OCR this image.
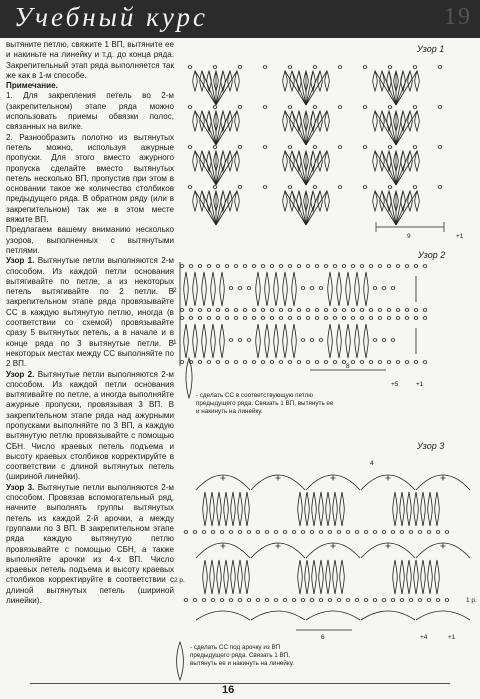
Учебный курс	19

вытяните петлю, свяжите 1 ВП, вытяните ее и накиньте на линейку и т.д. до конца ряда. Закрепительный этап ряда выполняется так же как в 1-м способе.

Примечание.

1. Для закрепления петель во 2-м (закрепительном) этапе ряда можно использовать приемы обвязки полос, связанных на вилке.

2. Разнообразить полотно из вытянутых петель можно, используя ажурные пропуски. Для этого вместо ажурного пропуска сделайте вместо вытянутых петель несколько ВП, пропустив при этом в основании такое же количество столбиков предыдущего ряда. В обратном ряду (или в закрепительном) так же в этом месте вяжите ВП.

Предлагаем вашему вниманию несколько узоров, выполненных с вытянутыми петлями.

Узор 1. Вытянутые петли выполняются 2-м способом. Из каждой петли основания вытягивайте по петле, а из некоторых петель вытягивайте по 2 петли. В закрепительном этапе ряда провязывайте СС в каждую вытянутую петлю, иногда (в соответствии со схемой) провязывайте сразу 5 вытянутых петель, а в начале и в конце ряда по 3 вытянутые петли. В некоторых местах между СС выполняйте по 2 ВП.

Узор 2. Вытянутые петли выполняются 2-м способом. Из каждой петли основания вытягивайте по петле, а иногда выполняйте ажурные пропуски, провязывая 3 ВП. В закрепительном этапе ряда над ажурными пропусками выполняйте по 3 ВП, а каждую вытянутую петлю провязывайте с помощью СБН. Число краевых петель подъема и высоту краевых столбиков корректируйте в соответствии с длиной вытянутых петель (шириной линейки).

Узор 3. Вытянутые петли выполняются 2-м способом. Провязав вспомогательный ряд, начните выполнять группы вытянутых петель из каждой 2-й арочки, а между группами по 3 ВП. В закрепительном этапе ряда каждую вытянутую петлю провязывайте с помощью СБН, а также выполняйте арочки из 4-х ВП. Число краевых петель подъема и высоту краевых столбиков корректируйте в соответствии с длиной вытянутых петель (шириной линейки).

Узор 1
9	+1
Узор 2
2
1
8
+5	+1
- сделать СС в соответствующую петлю
предыдущего ряда. Связать 1 ВП, вытянуть ее
и накинуть на линейку.
Узор 3
4
2 р.
1 р.
6	+4	+1
- сделать СС под арочку из ВП
предыдущего ряда. Связать 1 ВП,
вытянуть ее и накинуть на линейку.
16
